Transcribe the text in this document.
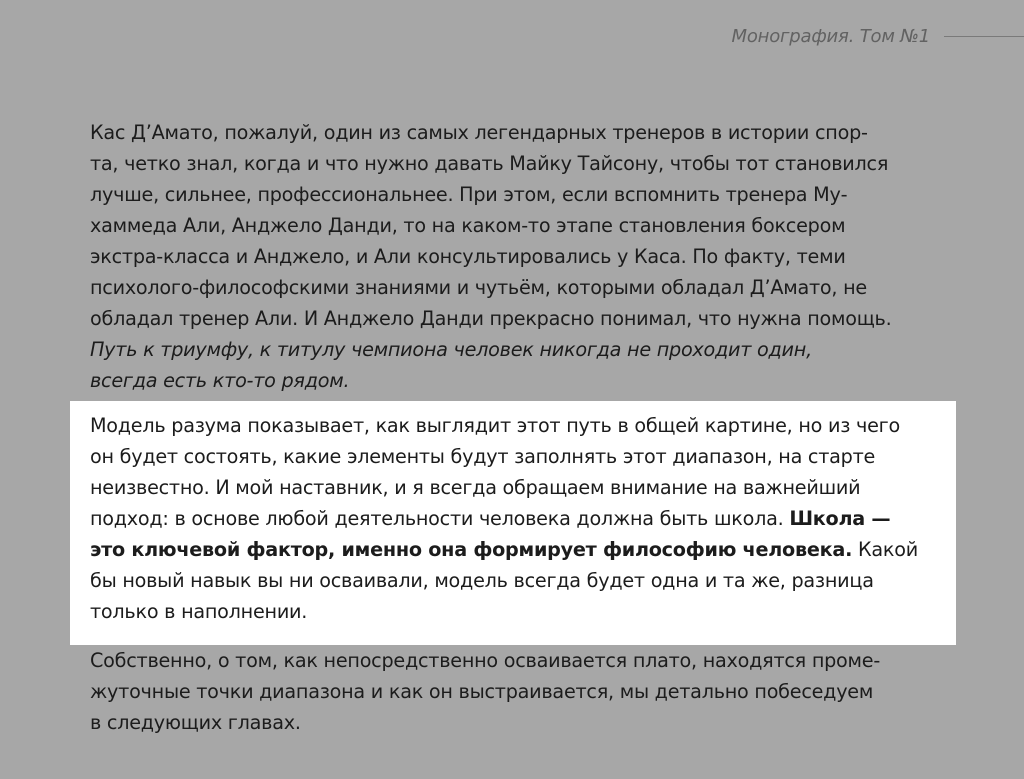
Монография. Том №1
Кас Д’Амато, пожалуй, один из самых легендарных тренеров в истории спор-
та, четко знал, когда и что нужно давать Майку Тайсону, чтобы тот становился
лучше, сильнее, профессиональнее. При этом, если вспомнить тренера Му-
хаммеда Али, Анджело Данди, то на каком-то этапе становления боксером
экстра-класса и Анджело, и Али консультировались у Каса. По факту, теми
психолого-философскими знаниями и чутьём, которыми обладал Д’Амато, не
обладал тренер Али. И Анджело Данди прекрасно понимал, что нужна помощь.
Путь к триумфу, к титулу чемпиона человек никогда не проходит один,
всегда есть кто-то рядом.
Модель разума показывает, как выглядит этот путь в общей картине, но из чего
он будет состоять, какие элементы будут заполнять этот диапазон, на старте
неизвестно. И мой наставник, и я всегда обращаем внимание на важнейший
подход: в основе любой деятельности человека должна быть школа. Школа —
это ключевой фактор, именно она формирует философию человека. Какой
бы новый навык вы ни осваивали, модель всегда будет одна и та же, разница
только в наполнении.
Собственно, о том, как непосредственно осваивается плато, находятся проме-
жуточные точки диапазона и как он выстраивается, мы детально побеседуем
в следующих главах.
